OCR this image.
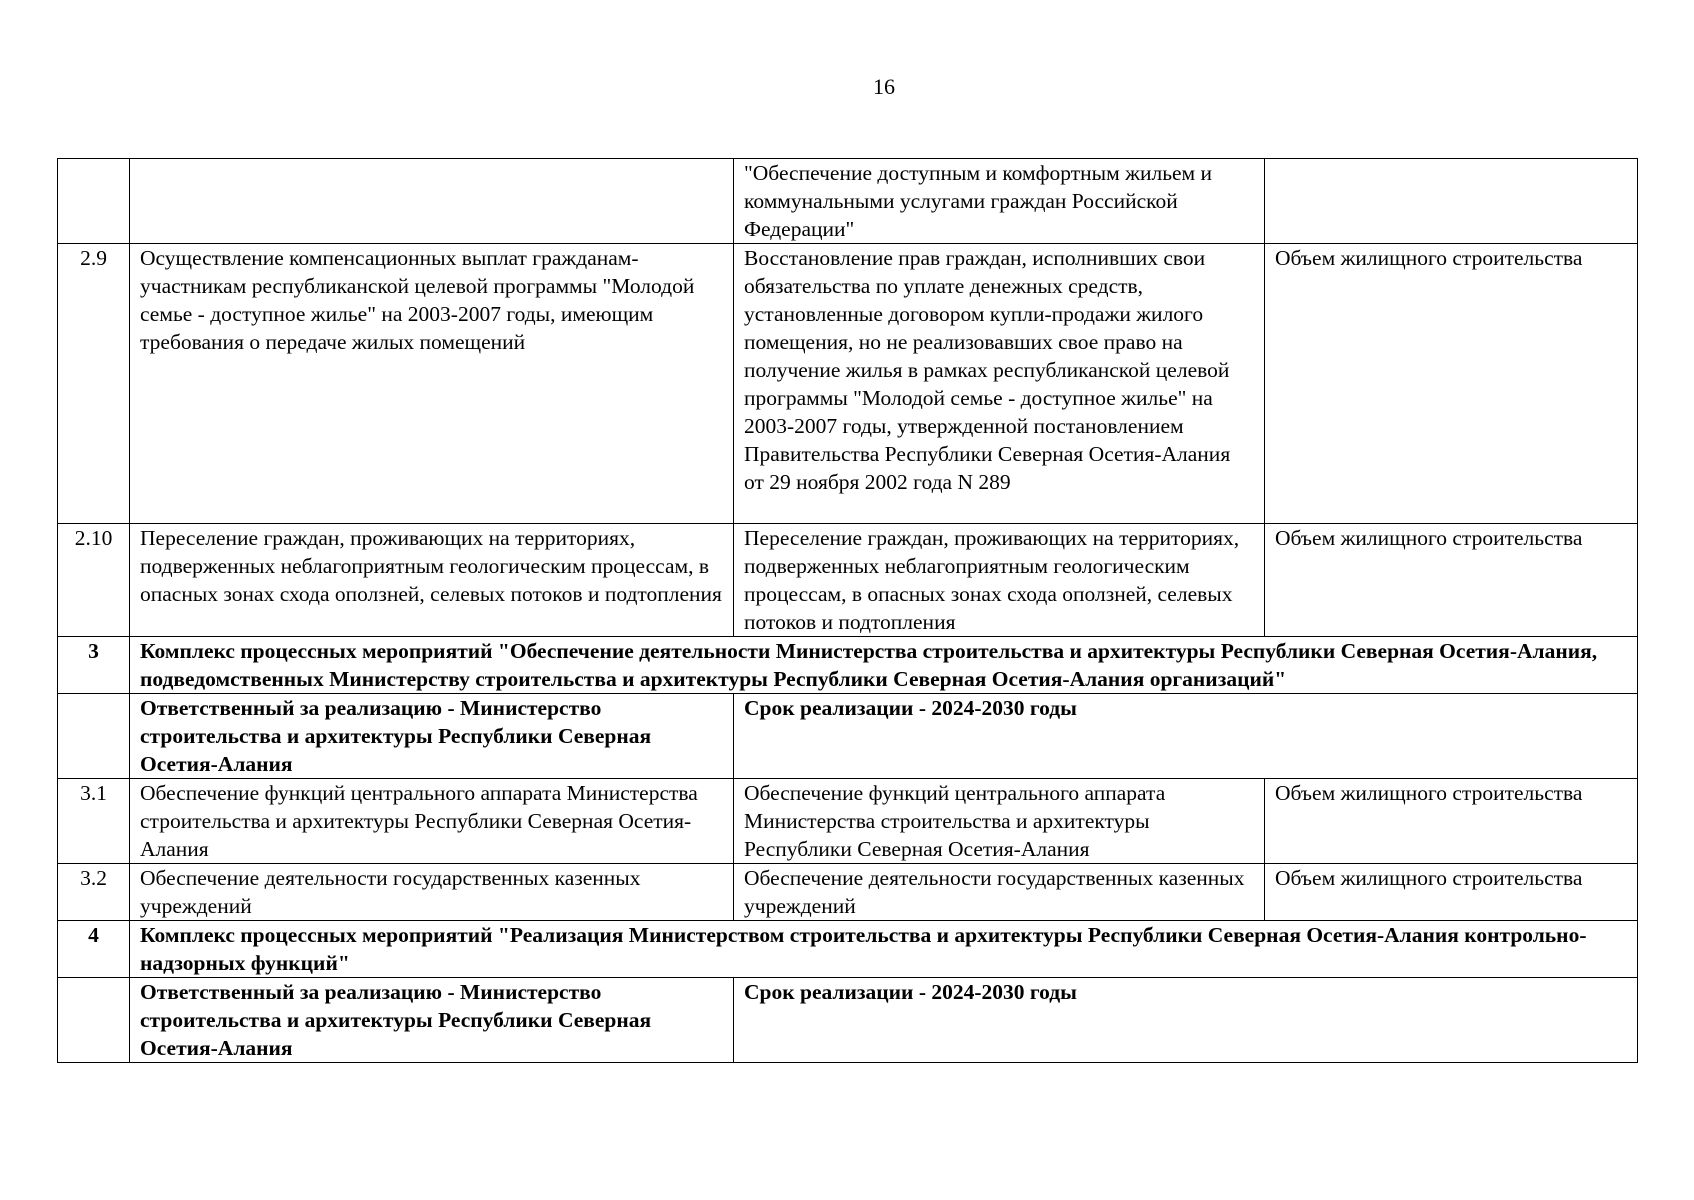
16
		"Обеспечение доступным и комфортным жильем и коммунальными услугами граждан Российской Федерации"	
2.9	Осуществление компенсационных выплат гражданам-участникам республиканской целевой программы "Молодой семье - доступное жилье" на 2003-2007 годы, имеющим требования о передаче жилых помещений	Восстановление прав граждан, исполнивших свои обязательства по уплате денежных средств, установленные договором купли-продажи жилого помещения, но не реализовавших свое право на получение жилья в рамках республиканской целевой программы "Молодой семье - доступное жилье" на 2003-2007 годы, утвержденной постановлением Правительства Республики Северная Осетия-Алания от 29 ноября 2002 года N 289	Объем жилищного строительства
2.10	Переселение граждан, проживающих на территориях, подверженных неблагоприятным геологическим процессам, в опасных зонах схода оползней, селевых потоков и подтопления	Переселение граждан, проживающих на территориях, подверженных неблагоприятным геологическим процессам, в опасных зонах схода оползней, селевых потоков и подтопления	Объем жилищного строительства
3	Комплекс процессных мероприятий "Обеспечение деятельности Министерства строительства и архитектуры Республики Северная Осетия-Алания, подведомственных Министерству строительства и архитектуры Республики Северная Осетия-Алания организаций"		
	Ответственный за реализацию - Министерство строительства и архитектуры Республики Северная Осетия-Алания	Срок реализации - 2024-2030 годы	
3.1	Обеспечение функций центрального аппарата Министерства строительства и архитектуры Республики Северная Осетия-Алания	Обеспечение функций центрального аппарата Министерства строительства и архитектуры Республики Северная Осетия-Алания	Объем жилищного строительства
3.2	Обеспечение деятельности государственных казенных учреждений	Обеспечение деятельности государственных казенных учреждений	Объем жилищного строительства
4	Комплекс процессных мероприятий "Реализация Министерством строительства и архитектуры Республики Северная Осетия-Алания контрольно-надзорных функций"		
	Ответственный за реализацию - Министерство строительства и архитектуры Республики Северная Осетия-Алания	Срок реализации - 2024-2030 годы	
